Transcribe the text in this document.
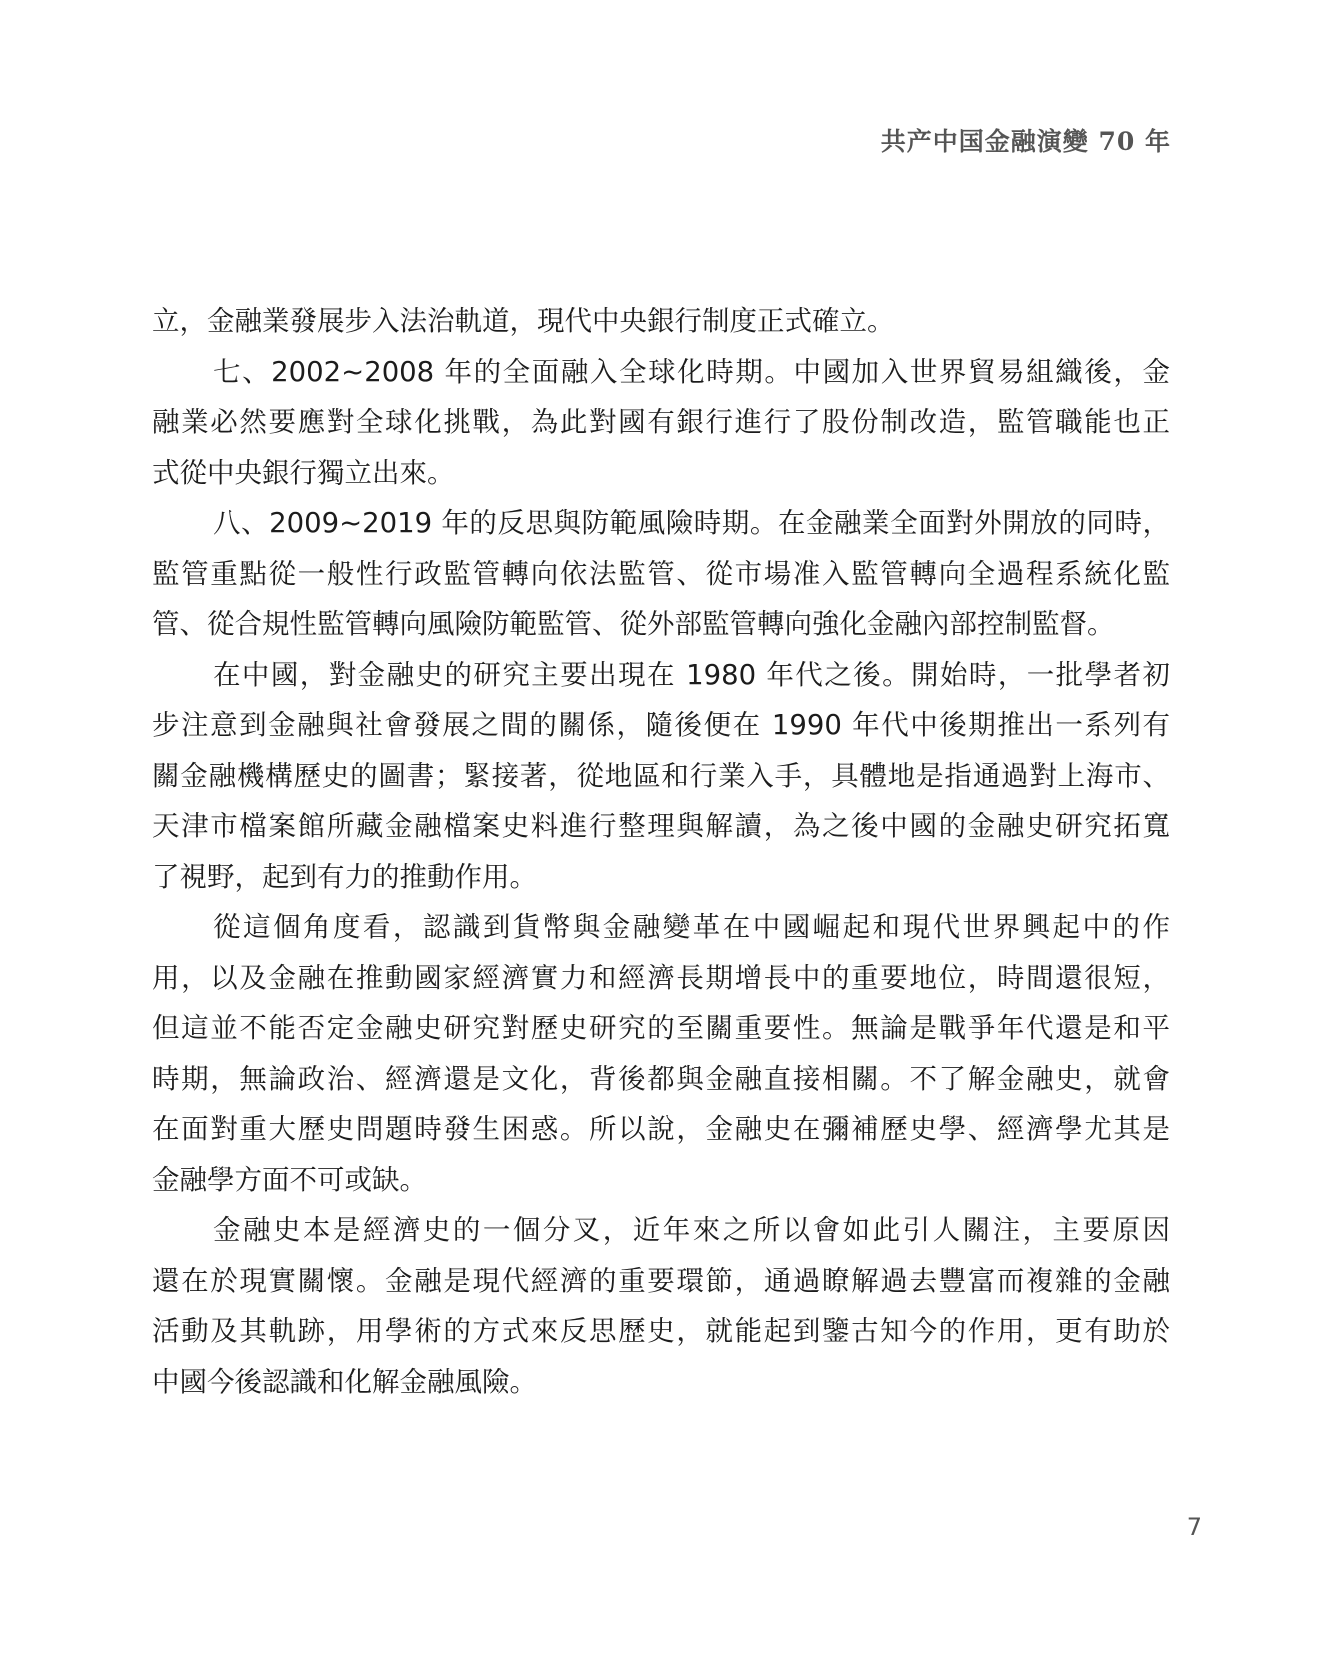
共产中国金融演變 70 年
立，金融業發展步入法治軌道，現代中央銀行制度正式確立。
七、2002~2008 年的全面融入全球化時期。中國加入世界貿易組織後，金
融業必然要應對全球化挑戰，為此對國有銀行進行了股份制改造，監管職能也正
式從中央銀行獨立出來。
八、2009~2019 年的反思與防範風險時期。在金融業全面對外開放的同時，
監管重點從一般性行政監管轉向依法監管、從市場准入監管轉向全過程系統化監
管、從合規性監管轉向風險防範監管、從外部監管轉向強化金融內部控制監督。
在中國，對金融史的研究主要出現在 1980 年代之後。開始時，一批學者初
步注意到金融與社會發展之間的關係，隨後便在 1990 年代中後期推出一系列有
關金融機構歷史的圖書；緊接著，從地區和行業入手，具體地是指通過對上海市、
天津市檔案館所藏金融檔案史料進行整理與解讀，為之後中國的金融史研究拓寬
了視野，起到有力的推動作用。
從這個角度看，認識到貨幣與金融變革在中國崛起和現代世界興起中的作
用，以及金融在推動國家經濟實力和經濟長期增長中的重要地位，時間還很短，
但這並不能否定金融史研究對歷史研究的至關重要性。無論是戰爭年代還是和平
時期，無論政治、經濟還是文化，背後都與金融直接相關。不了解金融史，就會
在面對重大歷史問題時發生困惑。所以說，金融史在彌補歷史學、經濟學尤其是
金融學方面不可或缺。
金融史本是經濟史的一個分叉，近年來之所以會如此引人關注，主要原因
還在於現實關懷。金融是現代經濟的重要環節，通過瞭解過去豐富而複雜的金融
活動及其軌跡，用學術的方式來反思歷史，就能起到鑒古知今的作用，更有助於
中國今後認識和化解金融風險。
7
